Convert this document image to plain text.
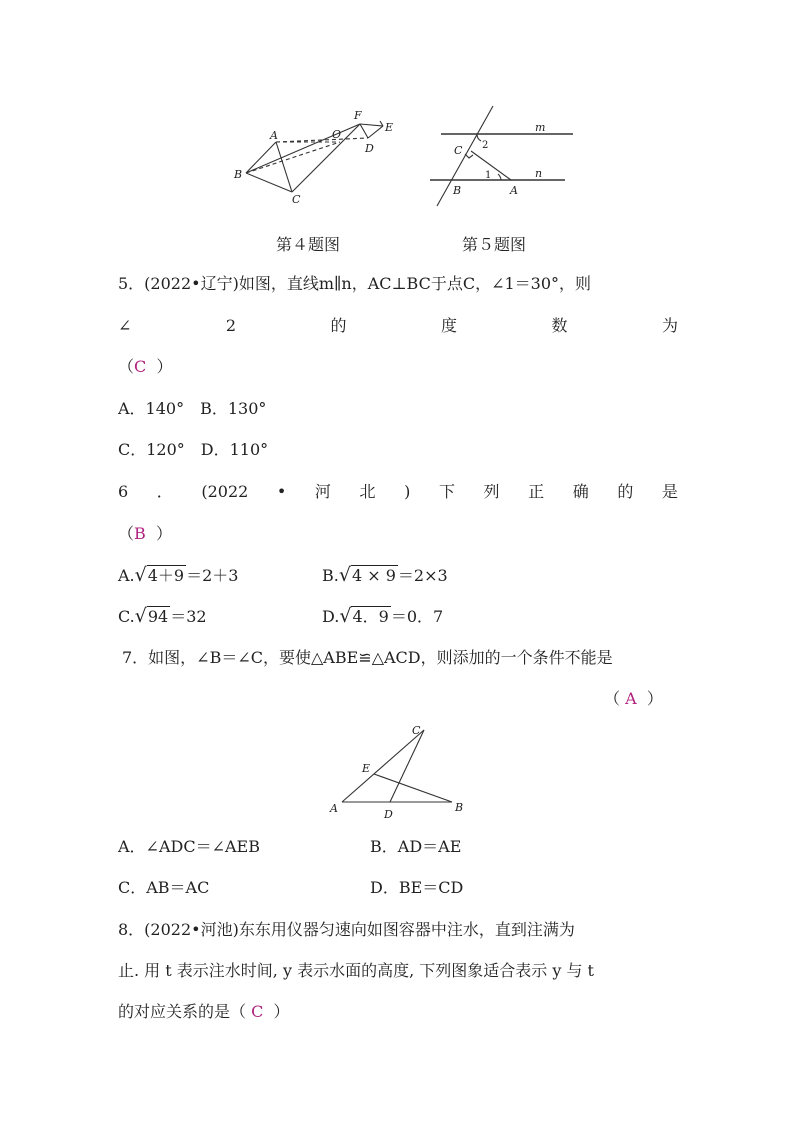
A
B
C
O
F
E
D
m
n
C
B	A
1
2
第４题图	第５题图
5．(2022•辽宁)如图，直线m∥n，AC⊥BC于点C，∠1＝30°，则
∠	2	的	度	数	为
（C ）
A．140°　B．130°
C．120°　D．110°
6 ． (2022 • 河 北 ) 下 列 正 确 的 是
（B ）
A.√4＋9 ＝2＋3	B.√4 × 9 ＝2×3
C.√94 ＝32	D.√4．9 ＝0．7
7．如图，∠B＝∠C，要使△ABE≌△ACD，则添加的一个条件不能是
（ A ）
A	B
C
D
E
A．∠ADC＝∠AEB	B．AD＝AE
C．AB＝AC	D．BE＝CD
8．(2022•河池)东东用仪器匀速向如图容器中注水，直到注满为
止. 用 t 表示注水时间, y 表示水面的高度, 下列图象适合表示 y 与 t
的对应关系的是（ C ）
